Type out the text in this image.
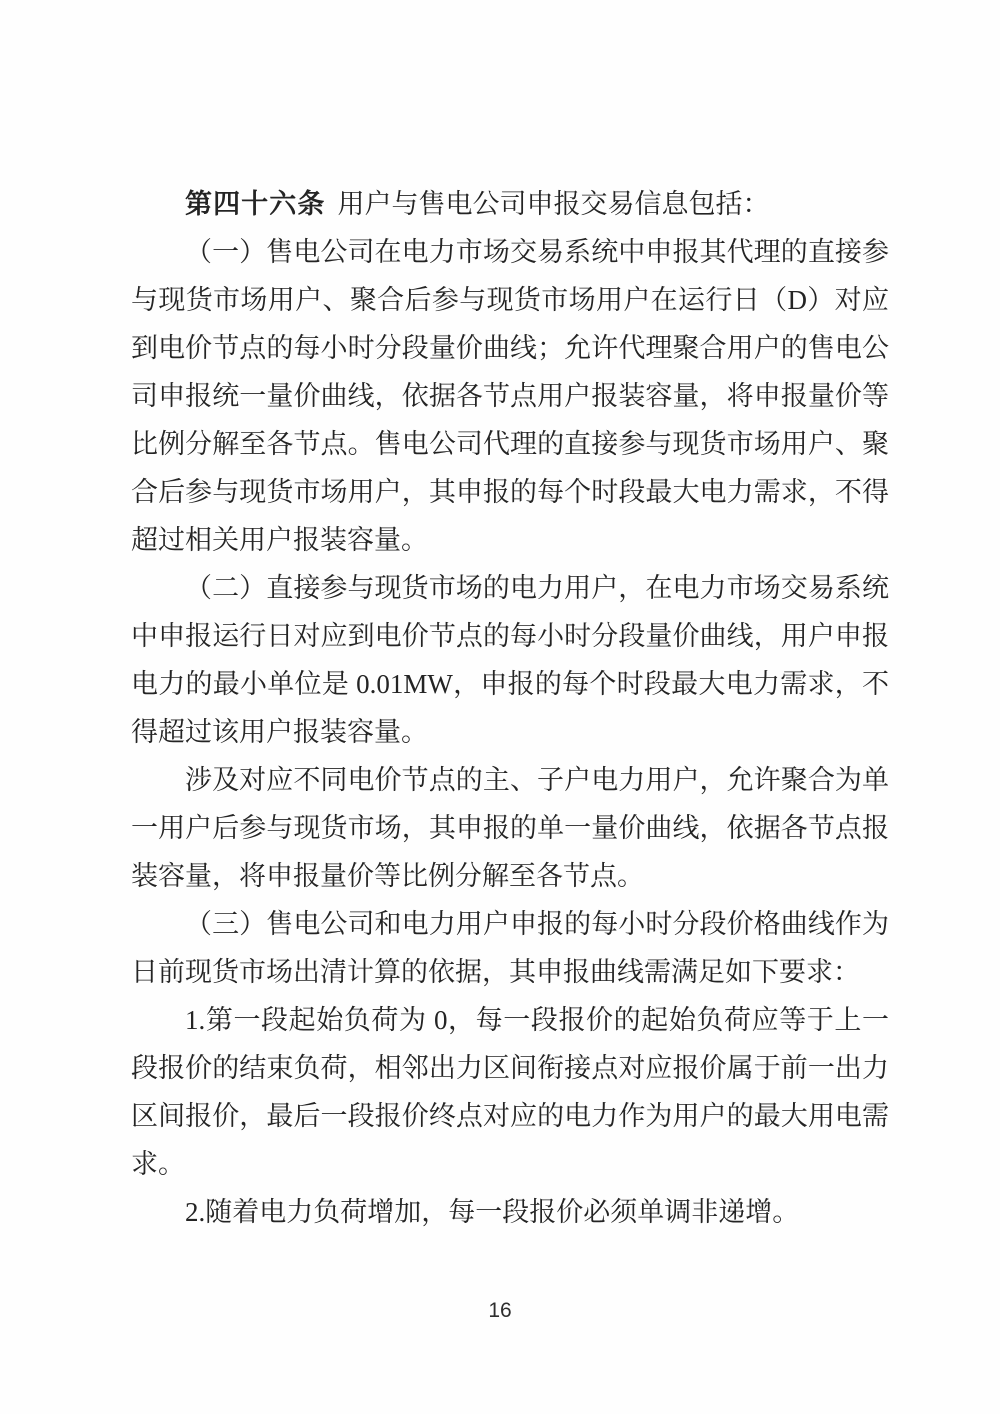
第四十六条 用户与售电公司申报交易信息包括：

（一）售电公司在电力市场交易系统中申报其代理的直接参与现货市场用户、聚合后参与现货市场用户在运行日（D）对应到电价节点的每小时分段量价曲线；允许代理聚合用户的售电公司申报统一量价曲线，依据各节点用户报装容量，将申报量价等比例分解至各节点。售电公司代理的直接参与现货市场用户、聚合后参与现货市场用户，其申报的每个时段最大电力需求，不得超过相关用户报装容量。

（二）直接参与现货市场的电力用户，在电力市场交易系统中申报运行日对应到电价节点的每小时分段量价曲线，用户申报电力的最小单位是 0.01MW，申报的每个时段最大电力需求，不得超过该用户报装容量。

涉及对应不同电价节点的主、子户电力用户，允许聚合为单一用户后参与现货市场，其申报的单一量价曲线，依据各节点报装容量，将申报量价等比例分解至各节点。

（三）售电公司和电力用户申报的每小时分段价格曲线作为日前现货市场出清计算的依据，其申报曲线需满足如下要求：

1.第一段起始负荷为 0，每一段报价的起始负荷应等于上一段报价的结束负荷，相邻出力区间衔接点对应报价属于前一出力区间报价，最后一段报价终点对应的电力作为用户的最大用电需求。

2.随着电力负荷增加，每一段报价必须单调非递增。

16
